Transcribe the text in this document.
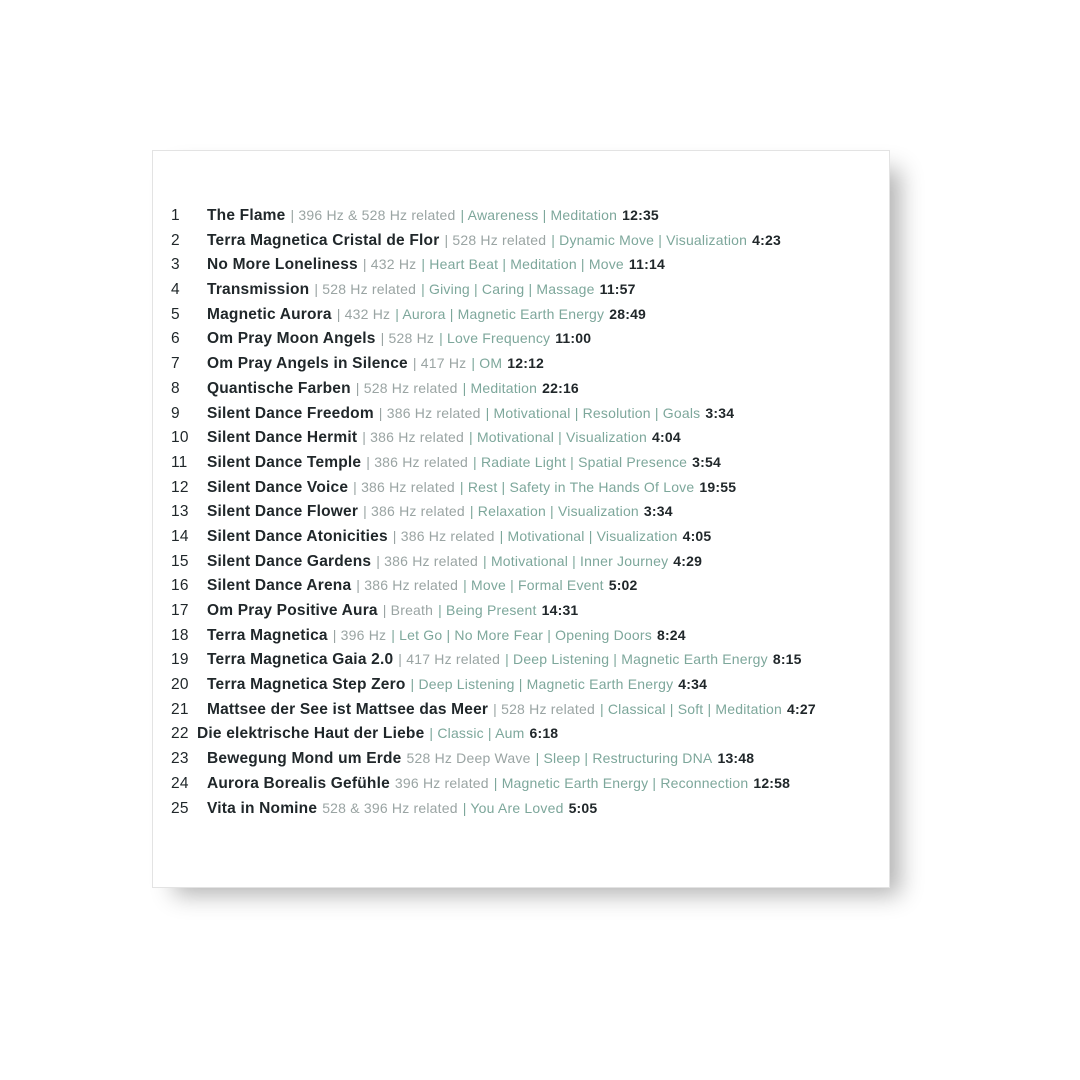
1	The Flame | 396 Hz & 528 Hz related | Awareness | Meditation 12:35
2	Terra Magnetica Cristal de Flor | 528 Hz related | Dynamic Move | Visualization 4:23
3	No More Loneliness | 432 Hz | Heart Beat | Meditation | Move 11:14
4	Transmission | 528 Hz related | Giving | Caring | Massage 11:57
5	Magnetic Aurora | 432 Hz | Aurora | Magnetic Earth Energy 28:49
6	Om Pray Moon Angels | 528 Hz | Love Frequency 11:00
7	Om Pray Angels in Silence | 417 Hz | OM 12:12
8	Quantische Farben | 528 Hz related | Meditation 22:16
9	Silent Dance Freedom | 386 Hz related | Motivational | Resolution | Goals 3:34
10	Silent Dance Hermit | 386 Hz related | Motivational | Visualization 4:04
11	Silent Dance Temple | 386 Hz related | Radiate Light | Spatial Presence 3:54
12	Silent Dance Voice | 386 Hz related | Rest | Safety in The Hands Of Love 19:55
13	Silent Dance Flower | 386 Hz related | Relaxation | Visualization 3:34
14	Silent Dance Atonicities | 386 Hz related | Motivational | Visualization 4:05
15	Silent Dance Gardens | 386 Hz related | Motivational | Inner Journey 4:29
16	Silent Dance Arena | 386 Hz related | Move | Formal Event 5:02
17	Om Pray Positive Aura | Breath | Being Present 14:31
18	Terra Magnetica | 396 Hz | Let Go | No More Fear | Opening Doors 8:24
19	Terra Magnetica Gaia 2.0 | 417 Hz related | Deep Listening | Magnetic Earth Energy 8:15
20	Terra Magnetica Step Zero | Deep Listening | Magnetic Earth Energy 4:34
21	Mattsee der See ist Mattsee das Meer | 528 Hz related | Classical | Soft | Meditation 4:27
22 Die elektrische Haut der Liebe | Classic | Aum 6:18
23	Bewegung Mond um Erde 528 Hz Deep Wave | Sleep | Restructuring DNA 13:48
24	Aurora Borealis Gefühle 396 Hz related | Magnetic Earth Energy | Reconnection 12:58
25	Vita in Nomine 528 & 396 Hz related | You Are Loved 5:05
